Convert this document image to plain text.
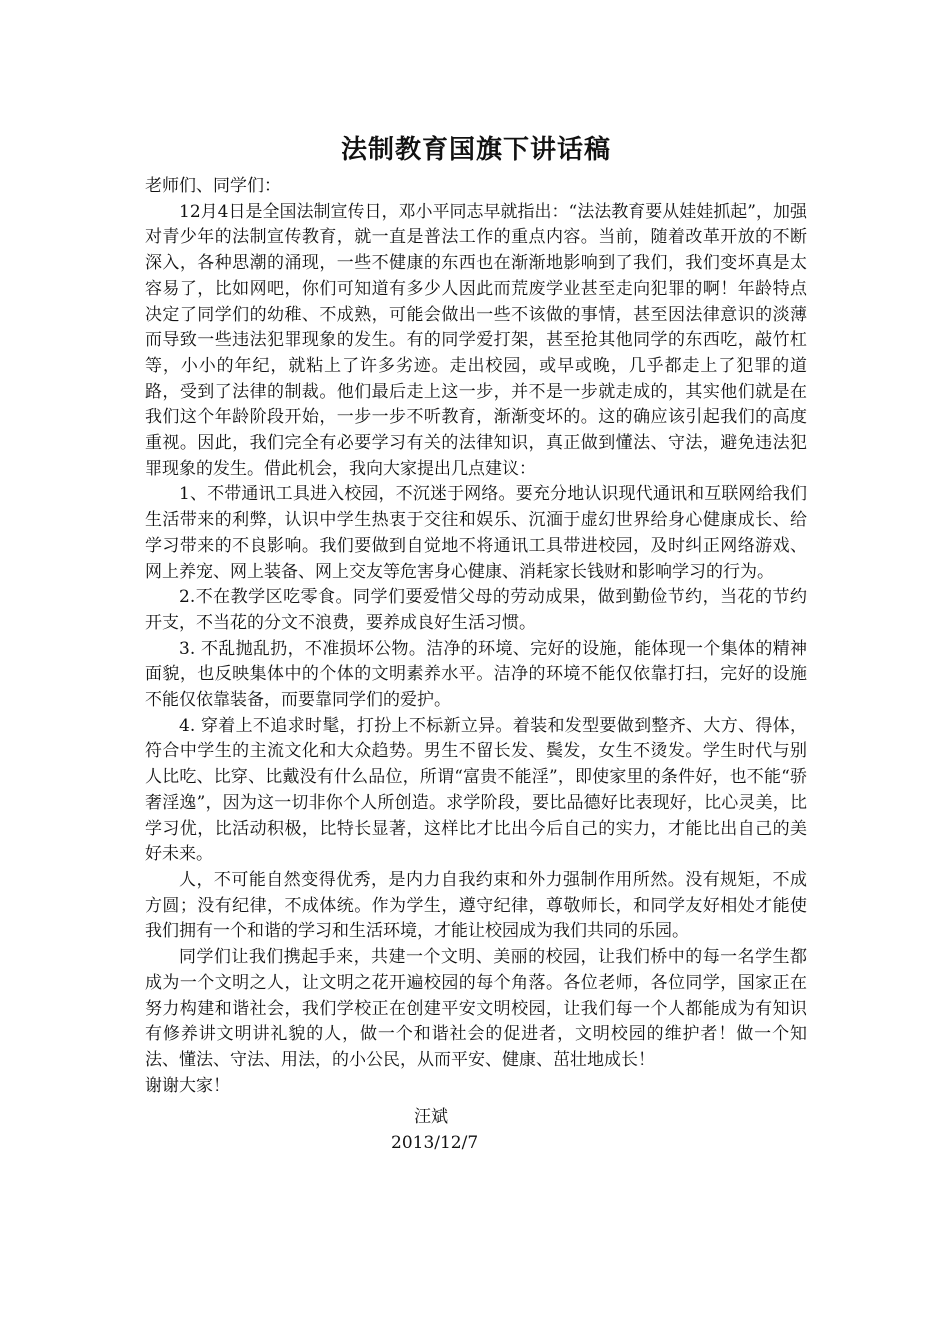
法制教育国旗下讲话稿

老师们、同学们：

12月4日是全国法制宣传日，邓小平同志早就指出：“法法教育要从娃娃抓起”，加强对青少年的法制宣传教育，就一直是普法工作的重点内容。当前，随着改革开放的不断深入，各种思潮的涌现，一些不健康的东西也在渐渐地影响到了我们，我们变坏真是太容易了，比如网吧，你们可知道有多少人因此而荒废学业甚至走向犯罪的啊！年龄特点决定了同学们的幼稚、不成熟，可能会做出一些不该做的事情，甚至因法律意识的淡薄而导致一些违法犯罪现象的发生。有的同学爱打架，甚至抢其他同学的东西吃，敲竹杠等，小小的年纪，就粘上了许多劣迹。走出校园，或早或晚，几乎都走上了犯罪的道路，受到了法律的制裁。他们最后走上这一步，并不是一步就走成的，其实他们就是在我们这个年龄阶段开始，一步一步不听教育，渐渐变坏的。这的确应该引起我们的高度重视。因此，我们完全有必要学习有关的法律知识，真正做到懂法、守法，避免违法犯罪现象的发生。借此机会，我向大家提出几点建议：

1、不带通讯工具进入校园，不沉迷于网络。要充分地认识现代通讯和互联网给我们生活带来的利弊，认识中学生热衷于交往和娱乐、沉湎于虚幻世界给身心健康成长、给学习带来的不良影响。我们要做到自觉地不将通讯工具带进校园，及时纠正网络游戏、网上养宠、网上装备、网上交友等危害身心健康、消耗家长钱财和影响学习的行为。

2.不在教学区吃零食。同学们要爱惜父母的劳动成果，做到勤俭节约，当花的节约开支，不当花的分文不浪费，要养成良好生活习惯。

3. 不乱抛乱扔，不准损坏公物。洁净的环境、完好的设施，能体现一个集体的精神面貌，也反映集体中的个体的文明素养水平。洁净的环境不能仅依靠打扫，完好的设施不能仅依靠装备，而要靠同学们的爱护。

4. 穿着上不追求时髦，打扮上不标新立异。着装和发型要做到整齐、大方、得体，符合中学生的主流文化和大众趋势。男生不留长发、鬓发，女生不烫发。学生时代与别人比吃、比穿、比戴没有什么品位，所谓“富贵不能淫”，即使家里的条件好，也不能“骄奢淫逸”，因为这一切非你个人所创造。求学阶段，要比品德好比表现好，比心灵美，比学习优，比活动积极，比特长显著，这样比才比出今后自己的实力，才能比出自己的美好未来。

人，不可能自然变得优秀，是内力自我约束和外力强制作用所然。没有规矩，不成方圆；没有纪律，不成体统。作为学生，遵守纪律，尊敬师长，和同学友好相处才能使我们拥有一个和谐的学习和生活环境，才能让校园成为我们共同的乐园。

同学们让我们携起手来，共建一个文明、美丽的校园，让我们桥中的每一名学生都成为一个文明之人，让文明之花开遍校园的每个角落。各位老师，各位同学，国家正在努力构建和谐社会，我们学校正在创建平安文明校园，让我们每一个人都能成为有知识有修养讲文明讲礼貌的人，做一个和谐社会的促进者，文明校园的维护者！做一个知法、懂法、守法、用法，的小公民，从而平安、健康、茁壮地成长！

谢谢大家！

汪斌
2013/12/7
